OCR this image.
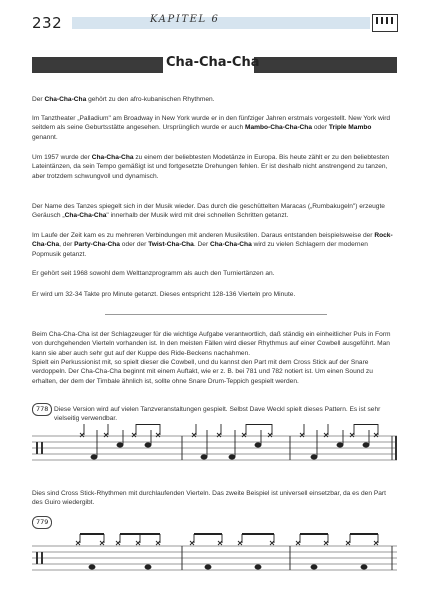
232	KAPITEL 6
Cha-Cha-Cha

Der Cha-Cha-Cha gehört zu den afro-kubanischen Rhythmen.

Im Tanztheater „Palladium" am Broadway in New York wurde er in den fünfziger Jahren erstmals vorgestellt. New York wird seitdem als seine Geburtsstätte angesehen. Ursprünglich wurde er auch Mambo-Cha-Cha-Cha oder Triple Mambo genannt.

Um 1957 wurde der Cha-Cha-Cha zu einem der beliebtesten Modetänze in Europa. Bis heute zählt er zu den beliebtesten Lateintänzen, da sein Tempo gemäßigt ist und fortgesetzte Drehungen fehlen. Er ist deshalb nicht anstrengend zu tanzen, aber trotzdem schwungvoll und dynamisch.

Der Name des Tanzes spiegelt sich in der Musik wieder. Das durch die geschüttelten Maracas („Rumbakugeln") erzeugte Geräusch „Cha-Cha-Cha" innerhalb der Musik wird mit drei schnellen Schritten getanzt.

Im Laufe der Zeit kam es zu mehreren Verbindungen mit anderen Musikstilen. Daraus entstanden beispielsweise der Rock-Cha-Cha, der Party-Cha-Cha oder der Twist-Cha-Cha. Der Cha-Cha-Cha wird zu vielen Schlagern der modernen Popmusik getanzt.

Er gehört seit 1968 sowohl dem Welttanzprogramm als auch den Turniertänzen an.

Er wird um 32-34 Takte pro Minute getanzt. Dieses entspricht 128-136 Vierteln pro Minute.

Beim Cha-Cha-Cha ist der Schlagzeuger für die wichtige Aufgabe verantwortlich, daß ständig ein einheitlicher Puls in Form von durchgehenden Vierteln vorhanden ist. In den meisten Fällen wird dieser Rhythmus auf einer Cowbell ausgeführt. Man kann sie aber auch sehr gut auf der Kuppe des Ride-Beckens nachahmen.

Spielt ein Perkussionist mit, so spielt dieser die Cowbell, und du kannst den Part mit dem Cross Stick auf der Snare verdoppeln. Der Cha-Cha-Cha beginnt mit einem Auftakt, wie er z. B. bei 781 und 782 notiert ist. Um einen Sound zu erhalten, der dem der Timbale ähnlich ist, sollte ohne Snare Drum-Teppich gespielt werden.

778 Diese Version wird auf vielen Tanzveranstaltungen gespielt. Selbst Dave Weckl spielt dieses Pattern. Es ist sehr vielseitig verwendbar.
Dies sind Cross Stick-Rhythmen mit durchlaufenden Vierteln. Das zweite Beispiel ist universell einsetzbar, da es den Part des Guiro wiedergibt.
779
